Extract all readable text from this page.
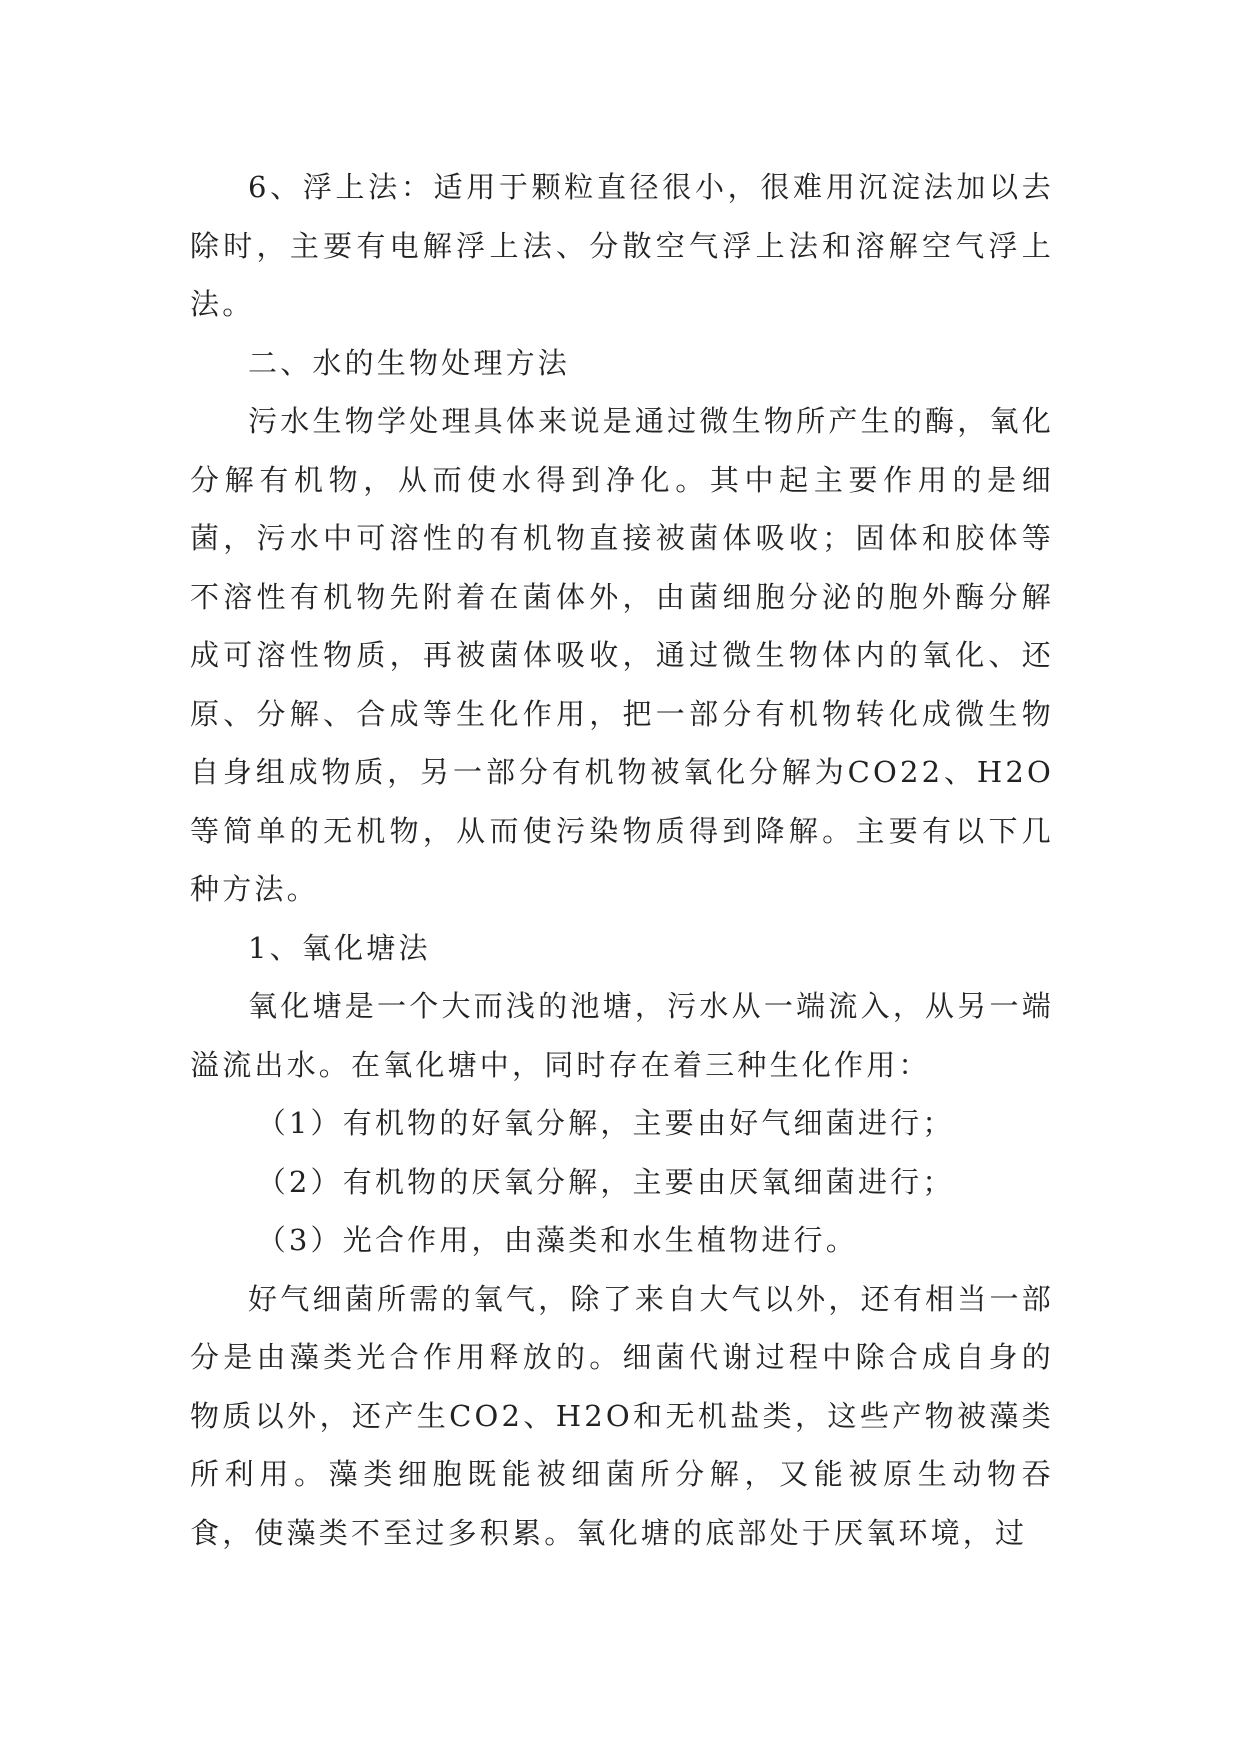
6、浮上法：适用于颗粒直径很小，很难用沉淀法加以去除时，主要有电解浮上法、分散空气浮上法和溶解空气浮上法。

二、水的生物处理方法

污水生物学处理具体来说是通过微生物所产生的酶，氧化分解有机物，从而使水得到净化。其中起主要作用的是细菌，污水中可溶性的有机物直接被菌体吸收；固体和胶体等不溶性有机物先附着在菌体外，由菌细胞分泌的胞外酶分解成可溶性物质，再被菌体吸收，通过微生物体内的氧化、还原、分解、合成等生化作用，把一部分有机物转化成微生物自身组成物质，另一部分有机物被氧化分解为CO22、H2O等简单的无机物，从而使污染物质得到降解。主要有以下几种方法。

1、氧化塘法

氧化塘是一个大而浅的池塘，污水从一端流入，从另一端溢流出水。在氧化塘中，同时存在着三种生化作用：

（1）有机物的好氧分解，主要由好气细菌进行；

（2）有机物的厌氧分解，主要由厌氧细菌进行；

（3）光合作用，由藻类和水生植物进行。

好气细菌所需的氧气，除了来自大气以外，还有相当一部分是由藻类光合作用释放的。细菌代谢过程中除合成自身的物质以外，还产生CO2、H2O和无机盐类，这些产物被藻类所利用。藻类细胞既能被细菌所分解，又能被原生动物吞食，使藻类不至过多积累。氧化塘的底部处于厌氧环境，过
